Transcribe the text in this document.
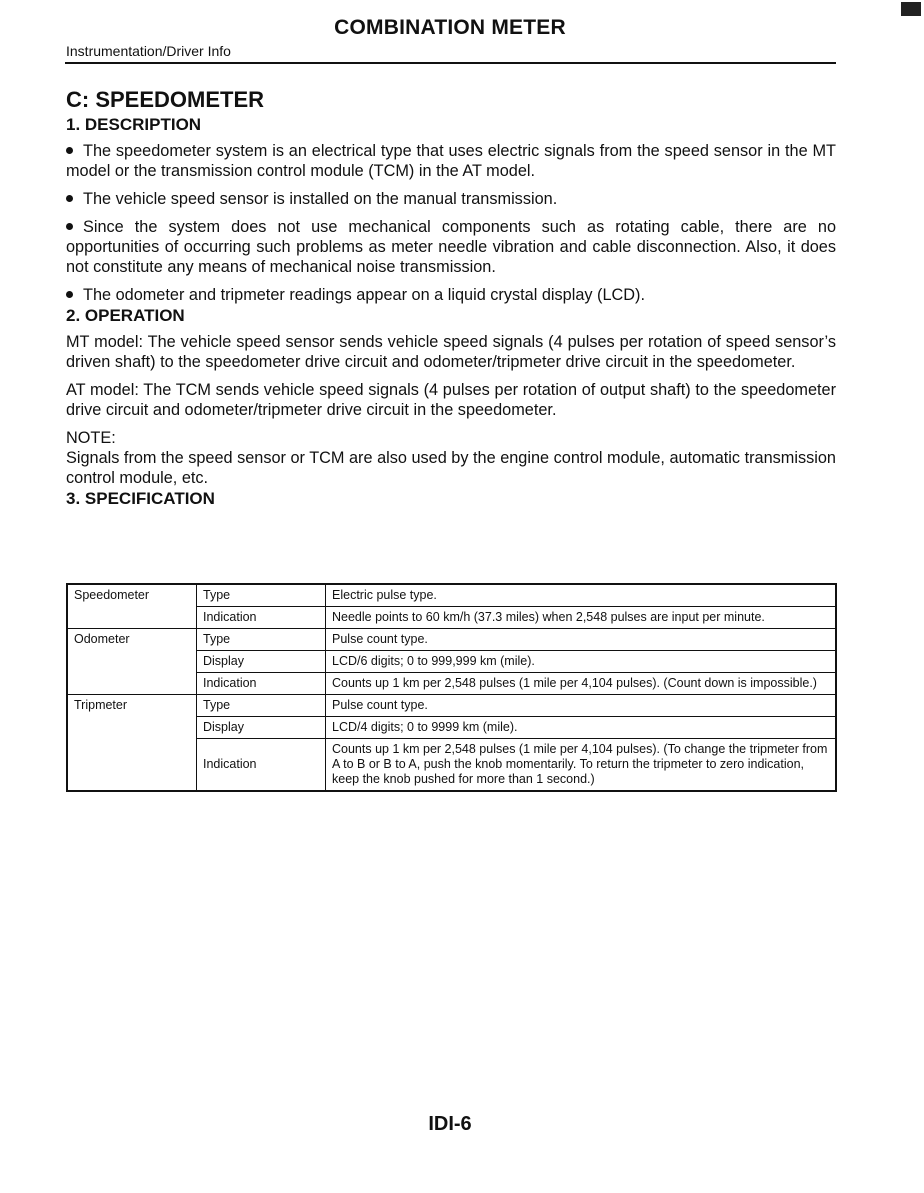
COMBINATION METER
Instrumentation/Driver Info
C: SPEEDOMETER
1. DESCRIPTION

The speedometer system is an electrical type that uses electric signals from the speed sensor in the MT model or the transmission control module (TCM) in the AT model.

The vehicle speed sensor is installed on the manual transmission.

Since the system does not use mechanical components such as rotating cable, there are no opportunities of occurring such problems as meter needle vibration and cable disconnection. Also, it does not constitute any means of mechanical noise transmission.

The odometer and tripmeter readings appear on a liquid crystal display (LCD).

2. OPERATION

MT model: The vehicle speed sensor sends vehicle speed signals (4 pulses per rotation of speed sensor’s driven shaft) to the speedometer drive circuit and odometer/tripmeter drive circuit in the speedometer.

AT model: The TCM sends vehicle speed signals (4 pulses per rotation of output shaft) to the speedometer drive circuit and odometer/tripmeter drive circuit in the speedometer.

NOTE:

Signals from the speed sensor or TCM are also used by the engine control module, automatic transmission control module, etc.

3. SPECIFICATION
Speedometer	Type	Electric pulse type.
	Indication	Needle points to 60 km/h (37.3 miles) when 2,548 pulses are input per minute.
Odometer	Type	Pulse count type.
	Display	LCD/6 digits; 0 to 999,999 km (mile).
	Indication	Counts up 1 km per 2,548 pulses (1 mile per 4,104 pulses). (Count down is impossible.)
Tripmeter	Type	Pulse count type.
	Display	LCD/4 digits; 0 to 9999 km (mile).
	Indication	Counts up 1 km per 2,548 pulses (1 mile per 4,104 pulses). (To change the tripmeter from A to B or B to A, push the knob momentarily. To return the tripmeter to zero indication, keep the knob pushed for more than 1 second.)
IDI-6
